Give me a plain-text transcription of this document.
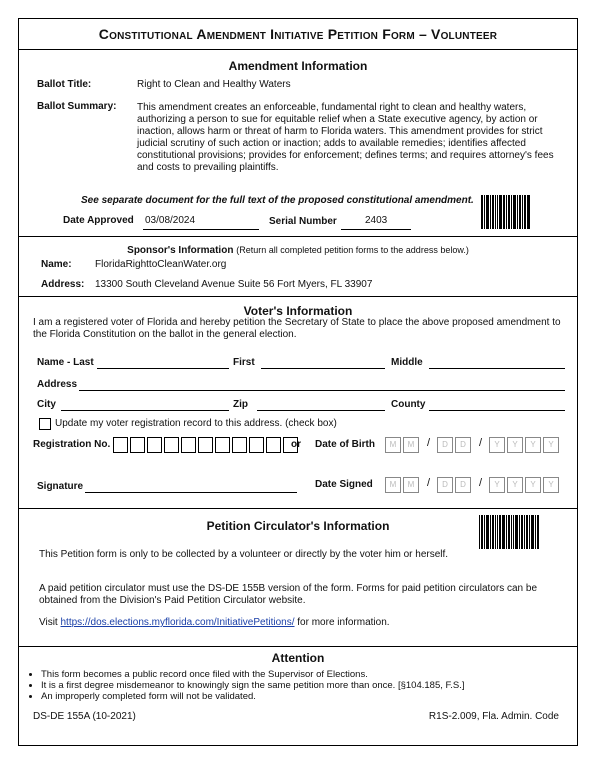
Constitutional Amendment Initiative Petition Form – Volunteer
Amendment Information
Ballot Title:	Right to Clean and Healthy Waters
Ballot Summary: This amendment creates an enforceable, fundamental right to clean and healthy waters, authorizing a person to sue for equitable relief when a State executive agency, by action or inaction, allows harm or threat of harm to Florida waters. This amendment provides for strict judicial scrutiny of such action or inaction; adds to available remedies; identifies affected constitutional provisions; provides for enforcement; defines terms; and requires attorney's fees and costs to prevailing plaintiffs.
See separate document for the full text of the proposed constitutional amendment.
Date Approved 03/08/2024	Serial Number	2403
Sponsor's Information (Return all completed petition forms to the address below.)
Name: FloridaRighttoCleanWater.org
Address: 13300 South Cleveland Avenue Suite 56 Fort Myers, FL 33907
Voter's Information
I am a registered voter of Florida and hereby petition the Secretary of State to place the above proposed amendment to the Florida Constitution on the ballot in the general election.
Name - Last	First	Middle
Address
City	Zip	County
Update my voter registration record to this address. (check box)
Registration No.	or Date of Birth	M	M	/	D	D	/	Y	Y	Y	Y
Signature	Date Signed	M	M	/	D	D	/	Y	Y	Y	Y
Petition Circulator's Information
This Petition form is only to be collected by a volunteer or directly by the voter him or herself.
A paid petition circulator must use the DS-DE 155B version of the form. Forms for paid petition circulators can be obtained from the Division's Paid Petition Circulator website.
Visit https://dos.elections.myflorida.com/InitiativePetitions/ for more information.
Attention
• This form becomes a public record once filed with the Supervisor of Elections.
• It is a first degree misdemeanor to knowingly sign the same petition more than once. [§104.185, F.S.]
• An improperly completed form will not be validated.
DS-DE 155A (10-2021)	R1S-2.009, Fla. Admin. Code
